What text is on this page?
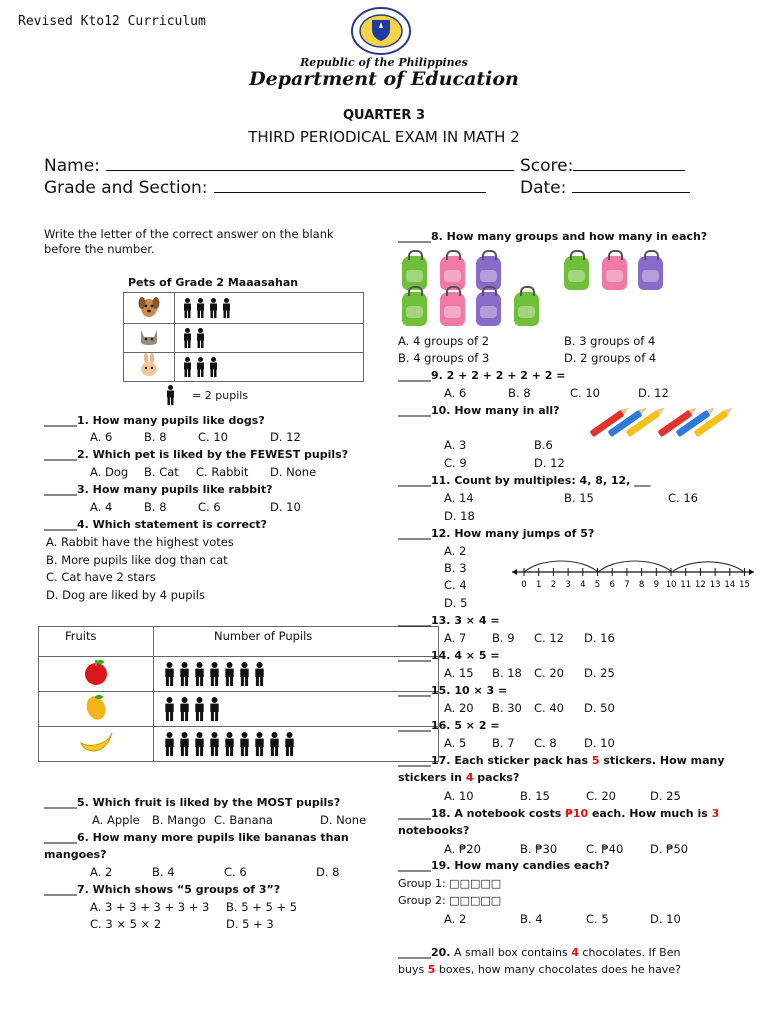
Revised Kto12 Curriculum
Republic of the Philippines
Department of Education
QUARTER 3
THIRD PERIODICAL EXAM IN MATH 2
Name:	Score:
Grade and Section:	Date:
Write the letter of the correct answer on the blank before the number.
Pets of Grade 2 Maaasahan

= 2 pupils
______1. How many pupils like dogs?
A. 6	B. 8	C. 10	D. 12
______2. Which pet is liked by the FEWEST pupils?
A. Dog B. Cat C. Rabbit D. None
______3. How many pupils like rabbit?
A. 4	B. 8	C. 6	D. 10
______4. Which statement is correct?
A. Rabbit have the highest votes
B. More pupils like dog than cat
C. Cat have 2 stars
D. Dog are liked by 4 pupils
Fruits	Number of Pupils

______5. Which fruit is liked by the MOST pupils?
A. Apple B. Mango C. Banana	D. None
______6. How many more pupils like bananas than
mangoes?
A. 2	B. 4	C. 6	D. 8
______7. Which shows “5 groups of 3”?
A. 3 + 3 + 3 + 3 + 3 B. 5 + 5 + 5
C. 3 × 5 × 2	D. 5 + 3
______8. How many groups and how many in each?
A. 4 groups of 2	B. 3 groups of 4
B. 4 groups of 3	D. 2 groups of 4
______9. 2 + 2 + 2 + 2 + 2 =
A. 6	B. 8	C. 10	D. 12
______10. How many in all?
A. 3	B.6
C. 9	D. 12
______11. Count by multiples: 4, 8, 12, ___
A. 14	B. 15	C. 16
D. 18
______12. How many jumps of 5?
A. 2
B. 3
C. 4
D. 5
0 1 2 3 4 5 6 7 8 9 10 11 12 13 14 15
______13. 3 × 4 =
A. 7 B. 9 C. 12 D. 16
______14. 4 × 5 =
A. 15 B. 18 C. 20 D. 25
______15. 10 × 3 =
A. 20 B. 30 C. 40 D. 50
______16. 5 × 2 =
A. 5 B. 7 C. 8 D. 10
______17. Each sticker pack has 5 stickers. How many
stickers in 4 packs?
A. 10	B. 15	C. 20	D. 25
______18. A notebook costs ₱10 each. How much is 3
notebooks?
A. ₱20	B. ₱30	C. ₱40 D. ₱50
______19. How many candies each?
Group 1: □□□□□
Group 2: □□□□□
A. 2	B. 4	C. 5	D. 10
______20. A small box contains 4 chocolates. If Ben
buys 5 boxes, how many chocolates does he have?
